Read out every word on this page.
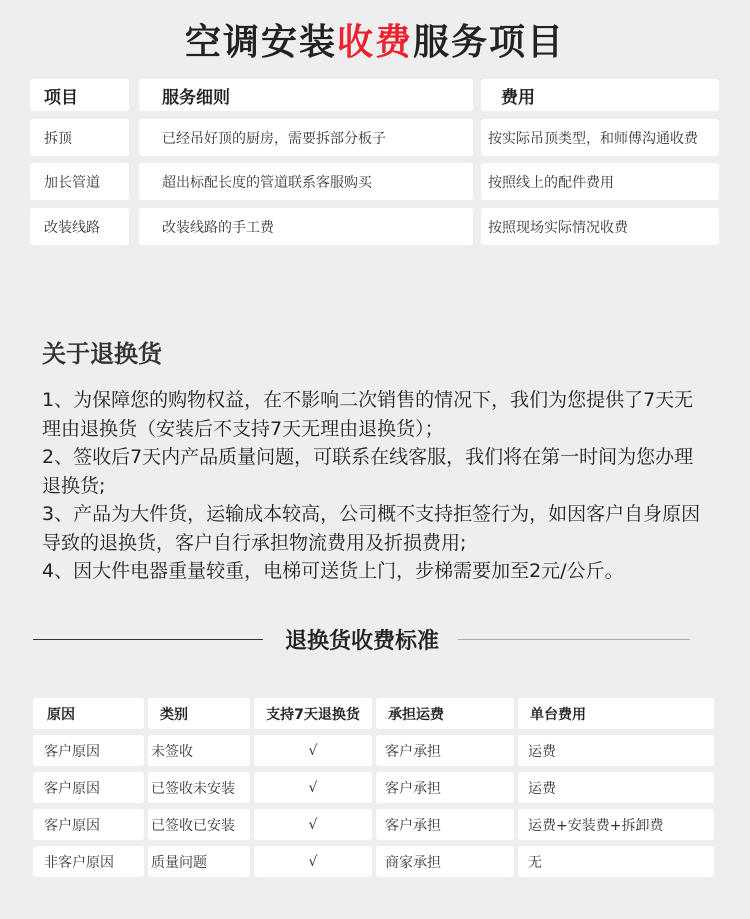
空调安装收费服务项目
项目	服务细则	费用
拆顶	已经吊好顶的厨房，需要拆部分板子	按实际吊顶类型，和师傅沟通收费
加长管道	超出标配长度的管道联系客服购买	按照线上的配件费用
改装线路	改装线路的手工费	按照现场实际情况收费
关于退换货

1、为保障您的购物权益，在不影响二次销售的情况下，我们为您提供了7天无

理由退换货（安装后不支持7天无理由退换货）；

2、签收后7天内产品质量问题，可联系在线客服，我们将在第一时间为您办理

退换货;

3、产品为大件货，运输成本较高，公司概不支持拒签行为，如因客户自身原因

导致的退换货，客户自行承担物流费用及折损费用;

4、因大件电器重量较重，电梯可送货上门，步梯需要加至2元/公斤。

退换货收费标准
原因	类别	支持7天退换货	承担运费	单台费用
客户原因	未签收	√	客户承担	运费
客户原因	已签收未安装	√	客户承担	运费
客户原因	已签收已安装	√	客户承担	运费+安装费+拆卸费
非客户原因	质量问题	√	商家承担	无
